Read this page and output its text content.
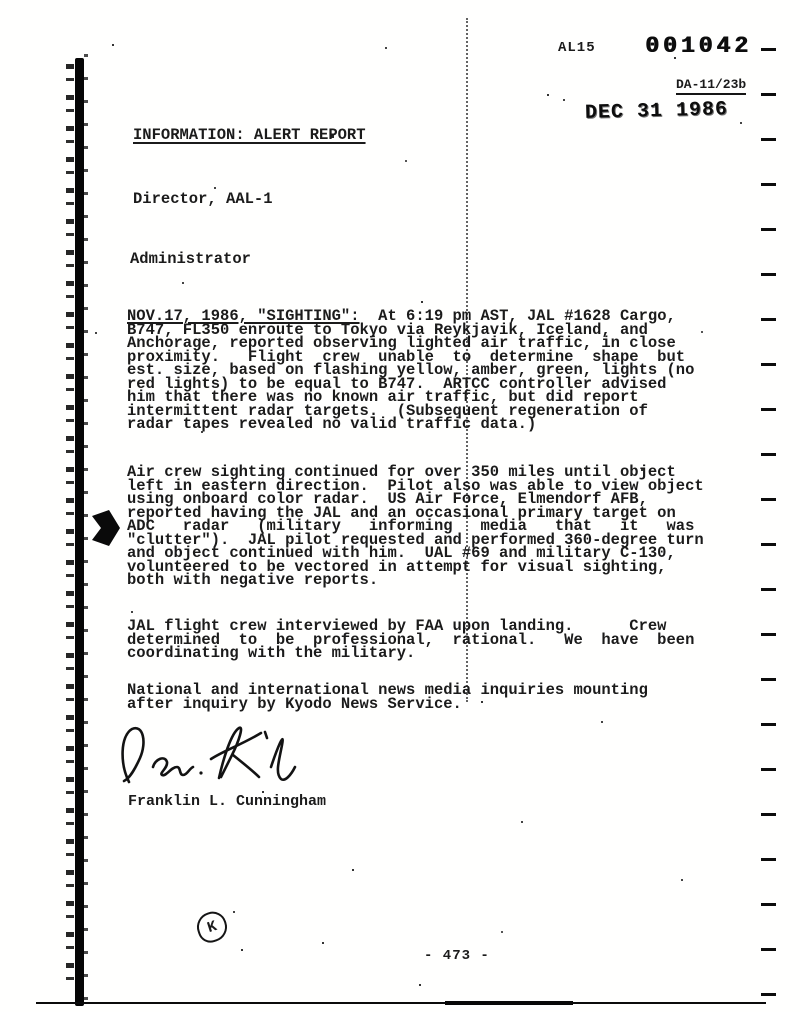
AL15 001042
DA-11/23b
DEC 31 1986
INFORMATION: ALERT REPORT
Director, AAL-1
Administrator
NOV.17, 1986, "SIGHTING":  At 6:19 pm AST, JAL #1628 Cargo,
B747, FL350 enroute to Tokyo via Reykjavik, Iceland, and
Anchorage, reported observing lighted air traffic, in close
proximity.   Flight  crew  unable  to  determine  shape  but
est. size, based on flashing yellow, amber, green, lights (no
red lights) to be equal to B747.  ARTCC controller advised
him that there was no known air traffic, but did report
intermittent radar targets.  (Subsequent regeneration of
radar tapes revealed no valid traffic data.)
Air crew sighting continued for over 350 miles until object
left in eastern direction.  Pilot also was able to view object
using onboard color radar.  US Air Force, Elmendorf AFB,
reported having the JAL and an occasional primary target on
ADC   radar   (military   informing   media   that   it   was
"clutter").  JAL pilot requested and performed 360-degree turn
and object continued with him.  UAL #69 and military C-130,
volunteered to be vectored in attempt for visual sighting,
both with negative reports.
JAL flight crew interviewed by FAA upon landing.      Crew
determined  to  be  professional,  rational.   We  have  been
coordinating with the military.
National and international news media inquiries mounting
after inquiry by Kyodo News Service.
Franklin L. Cunningham
K
- 473 -
